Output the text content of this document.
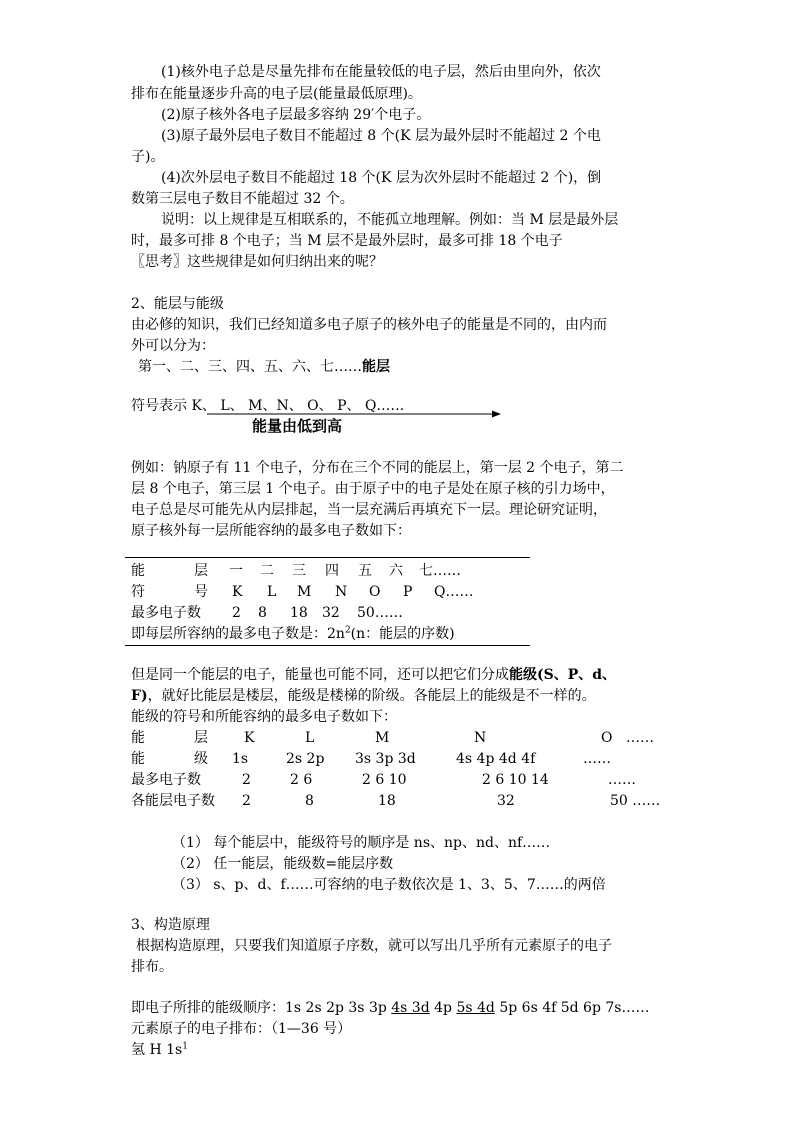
(1)核外电子总是尽量先排布在能量较低的电子层，然后由里向外，依次
排布在能量逐步升高的电子层(能量最低原理)。
(2)原子核外各电子层最多容纳 29′个电子。
(3)原子最外层电子数目不能超过 8 个(K 层为最外层时不能超过 2 个电
子)。
(4)次外层电子数目不能超过 18 个(K 层为次外层时不能超过 2 个)，倒
数第三层电子数目不能超过 32 个。
说明：以上规律是互相联系的，不能孤立地理解。例如：当 M 层是最外层
时，最多可排 8 个电子；当 M 层不是最外层时，最多可排 18 个电子
〖思考〗这些规律是如何归纳出来的呢？
2、能层与能级
由必修的知识，我们已经知道多电子原子的核外电子的能量是不同的，由内而
外可以分为：
第一、二、三、四、五、六、七……能层
符号表示 K、 L、 M、N、 O、 P、 Q……
能量由低到高
例如：钠原子有 11 个电子，分布在三个不同的能层上，第一层 2 个电子，第二
层 8 个电子，第三层 1 个电子。由于原子中的电子是处在原子核的引力场中，
电子总是尽可能先从内层排起，当一层充满后再填充下一层。理论研究证明，
原子核外每一层所能容纳的最多电子数如下：
能	层 一 二 三 四 五 六 七……
符	号 K L M N O P Q……
最多电子数 2 8 18 32 50……
即每层所容纳的最多电子数是：$2n^2(n$：能层的序数)
但是同一个能层的电子，能量也可能不同，还可以把它们分成能级(S、P、d、
F)，就好比能层是楼层，能级是楼梯的阶级。各能层上的能级是不一样的。
能级的符号和所能容纳的最多电子数如下：
能	层	K	L	M	N	O ……
能	级 1s	2s 2p 3s 3p 3d	4s 4p 4d 4f	……
最多电子数	2	2 6	2 6 10	2 6 10 14	……
各能层电子数 2	8	18	32	50 ……
（1） 每个能层中，能级符号的顺序是 ns、np、nd、nf……
（2） 任一能层，能级数=能层序数
（3） s、p、d、f……可容纳的电子数依次是 1、3、5、7……的两倍
3、构造原理
根据构造原理，只要我们知道原子序数，就可以写出几乎所有元素原子的电子
排布。
即电子所排的能级顺序：1s 2s 2p 3s 3p 4s 3d 4p 5s 4d 5p 6s 4f 5d 6p 7s……
元素原子的电子排布：（1—36 号）
氢 H $1s^1$
